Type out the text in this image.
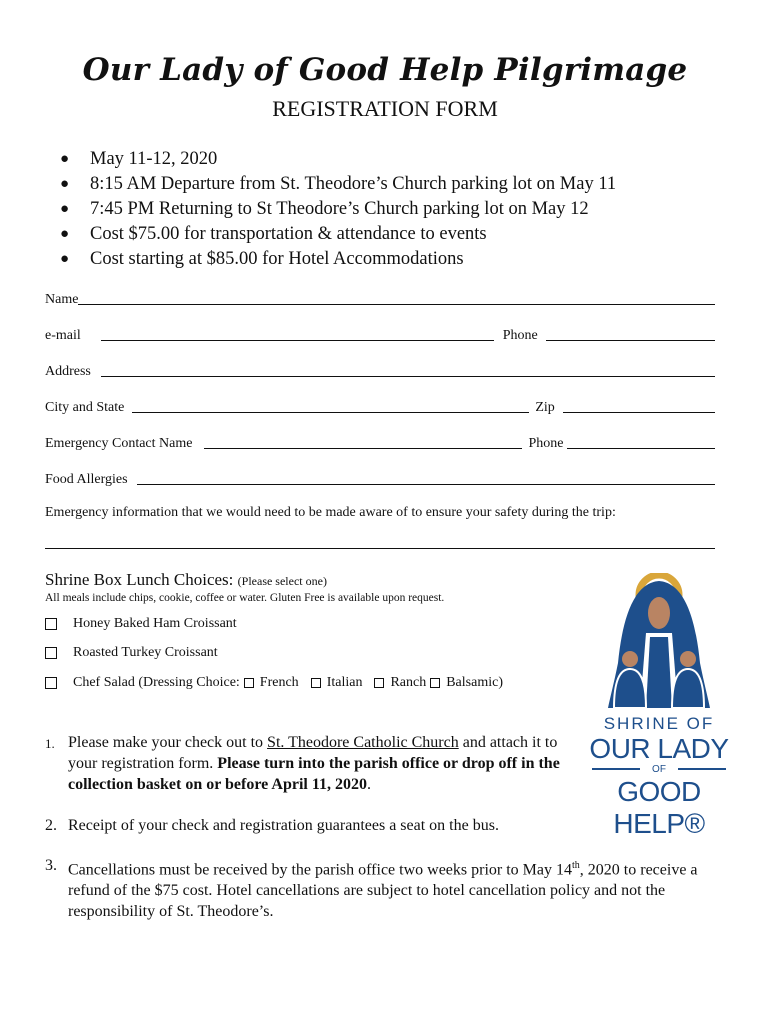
Our Lady of Good Help Pilgrimage
REGISTRATION FORM
● May 11-12, 2020
● 8:15 AM Departure from St. Theodore’s Church parking lot on May 11
● 7:45 PM Returning to St Theodore’s Church parking lot on May 12
● Cost $75.00 for transportation & attendance to events
● Cost starting at $85.00 for Hotel Accommodations
Name
e-mail	Phone
Address
City and State	Zip
Emergency Contact Name	Phone
Food Allergies
Emergency information that we would need to be made aware of to ensure your safety during the trip:
Shrine Box Lunch Choices: (Please select one)
All meals include chips, cookie, coffee or water. Gluten Free is available upon request.
Honey Baked Ham Croissant
Roasted Turkey Croissant
Chef Salad (Dressing Choice: French Italian Ranch Balsamic)
1. Please make your check out to St. Theodore Catholic Church and attach it to your registration form. Please turn into the parish office or drop off in the collection basket on or before April 11, 2020.
2. Receipt of your check and registration guarantees a seat on the bus.
3. Cancellations must be received by the parish office two weeks prior to May 14th, 2020 to receive a refund of the $75 cost. Hotel cancellations are subject to hotel cancellation policy and not the responsibility of St. Theodore’s.
SHRINE OF
OUR LADY
OF
GOOD HELP®
